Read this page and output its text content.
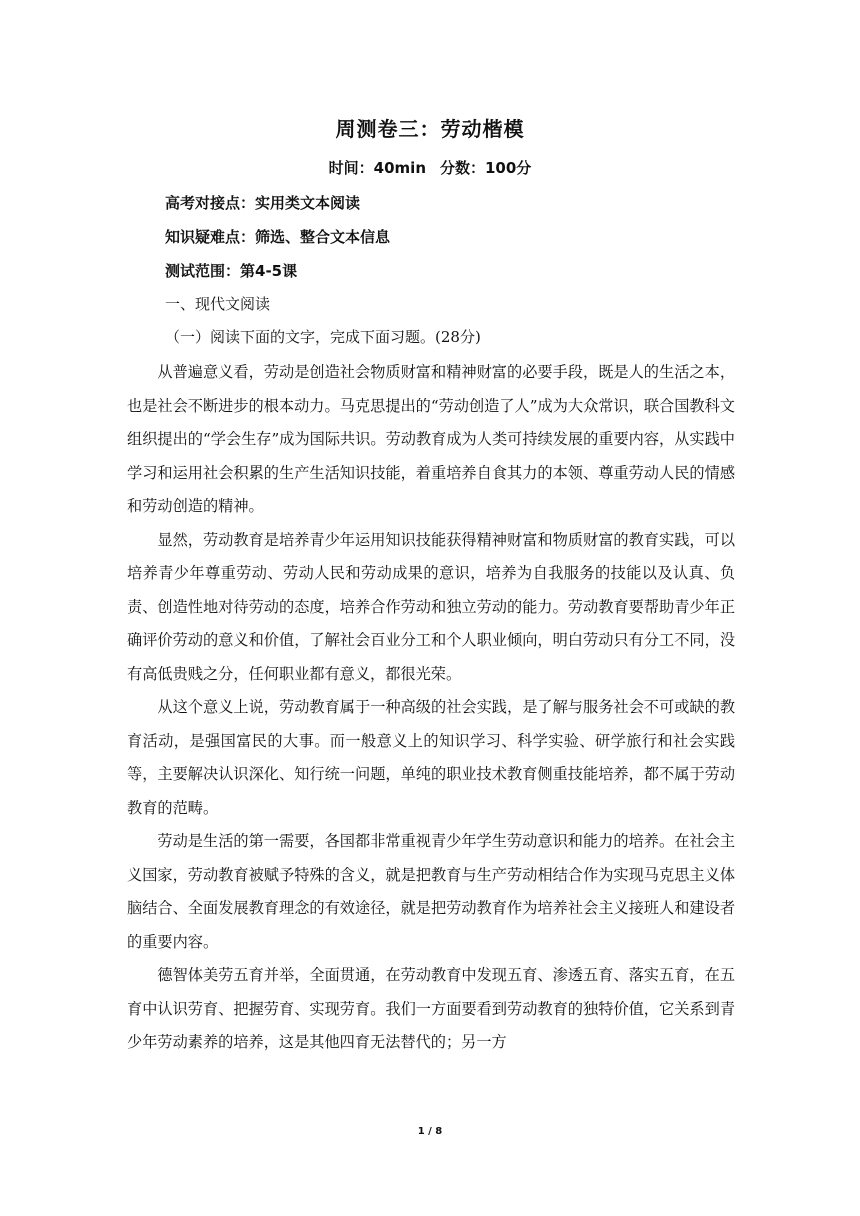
周测卷三：劳动楷模
时间：40min 分数：100分
高考对接点：实用类文本阅读
知识疑难点：筛选、整合文本信息
测试范围：第4-5课
一、现代文阅读
（一）阅读下面的文字，完成下面习题。(28分)

从普遍意义看，劳动是创造社会物质财富和精神财富的必要手段，既是人的生活之本，也是社会不断进步的根本动力。马克思提出的“劳动创造了人”成为大众常识，联合国教科文组织提出的“学会生存”成为国际共识。劳动教育成为人类可持续发展的重要内容，从实践中学习和运用社会积累的生产生活知识技能，着重培养自食其力的本领、尊重劳动人民的情感和劳动创造的精神。

显然，劳动教育是培养青少年运用知识技能获得精神财富和物质财富的教育实践，可以培养青少年尊重劳动、劳动人民和劳动成果的意识，培养为自我服务的技能以及认真、负责、创造性地对待劳动的态度，培养合作劳动和独立劳动的能力。劳动教育要帮助青少年正确评价劳动的意义和价值，了解社会百业分工和个人职业倾向，明白劳动只有分工不同，没有高低贵贱之分，任何职业都有意义，都很光荣。

从这个意义上说，劳动教育属于一种高级的社会实践，是了解与服务社会不可或缺的教育活动，是强国富民的大事。而一般意义上的知识学习、科学实验、研学旅行和社会实践等，主要解决认识深化、知行统一问题，单纯的职业技术教育侧重技能培养，都不属于劳动教育的范畴。

劳动是生活的第一需要，各国都非常重视青少年学生劳动意识和能力的培养。在社会主义国家，劳动教育被赋予特殊的含义，就是把教育与生产劳动相结合作为实现马克思主义体脑结合、全面发展教育理念的有效途径，就是把劳动教育作为培养社会主义接班人和建设者的重要内容。

德智体美劳五育并举，全面贯通，在劳动教育中发现五育、渗透五育、落实五育，在五育中认识劳育、把握劳育、实现劳育。我们一方面要看到劳动教育的独特价值，它关系到青少年劳动素养的培养，这是其他四育无法替代的；另一方

1 / 8
